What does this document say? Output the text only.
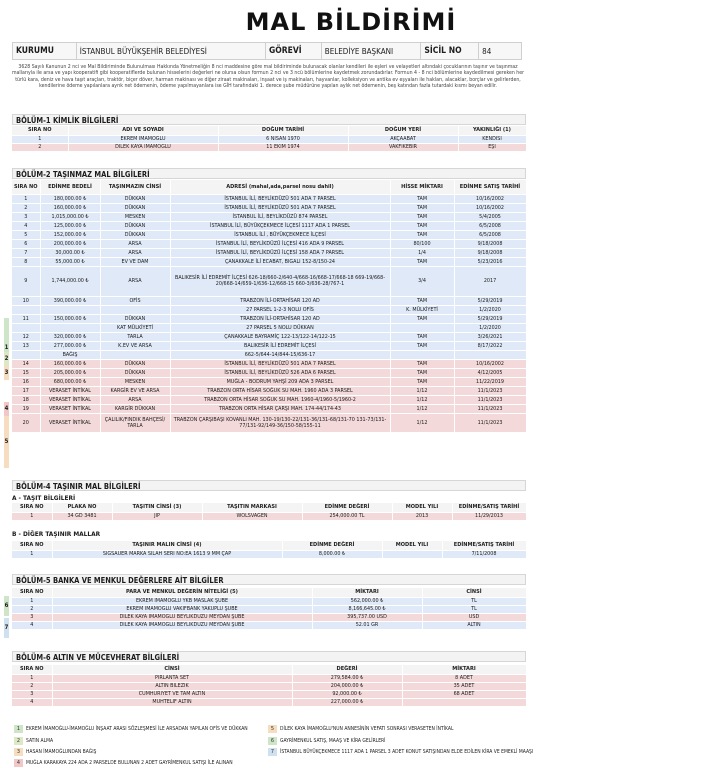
MAL BİLDİRİMİ
KURUMU	İSTANBUL BÜYÜKŞEHİR BELEDİYESİ	GÖREVİ	BELEDİYE BAŞKANI	SİCİL NO	84
3628 Sayılı Kanunun 2 nci ve Mal Bildiriminde Bulunulması Hakkında Yönetmeliğin 8 nci maddesine göre mal bildiriminde bulunacak olanlar kendileri ile eşleri ve velayetleri altındaki çocuklarının taşınır ve taşınmaz mallarıyla ile arsa ve yapı kooperatifi gibi kooperatiflerde bulunan hisselerini değerleri ne olursa olsun formun 2 nci ve 3 ncü bölümlerine kaydetmek zorundadırlar. Formun 4 - 8 nci bölümlerine kaydedilmesi gereken her türlü kara, deniz ve hava taşıt araçları, traktör, biçer döver, harman makinası ve diğer ziraat makinaları, inşaat ve iş makinaları, hayvanlar, kolleksiyon ve antika ev eşyaları ile hakları, alacaklar, borçlar ve gelirlerden, kendilerine ödeme yapılanlara ayrık net ödemenin, ödeme yapılmayanlara ise GİH tarafındaki 1. derece şube müdürüne yapılan aylık net ödemenin, beş katından fazla tutardaki kısmı beyan edilir.
BÖLÜM-1 KİMLİK BİLGİLERİ
SIRA NO	ADI VE SOYADI	DOĞUM TARİHİ	DOĞUM YERİ	YAKINLIĞI (1)
1	EKREM İMAMOĞLU	6 NİSAN 1970	AKÇAABAT	KENDİSİ
2	DİLEK KAYA İMAMOĞLU	11 EKİM 1974	VAKFIKEBİR	EŞİ
BÖLÜM-2 TAŞINMAZ MAL BİLGİLERİ
SIRA NO	EDİNME BEDELİ	TAŞINMAZIN CİNSİ	ADRESİ (mahal,ada,parsel nosu dahil)	HİSSE MİKTARI	EDİNME SATIŞ TARİHİ
1	180,000.00 ₺	DÜKKAN	İSTANBUL İLİ, BEYLİKDÜZÜ 501 ADA 7 PARSEL	TAM	10/16/2002
2	160,000.00 ₺	DÜKKAN	İSTANBUL İLİ, BEYLİKDÜZÜ 501 ADA 7 PARSEL	TAM	10/16/2002
3	1,015,000.00 ₺	MESKEN	İSTANBUL İLİ, BEYLİKDÜZÜ 874 PARSEL	TAM	5/4/2005
4	125,000.00 ₺	DÜKKAN	İSTANBUL İLİ, BÜYÜKÇEKMECE İLÇESİ 1117 ADA 1 PARSEL	TAM	6/5/2008
5	152,000.00 ₺	DÜKKAN	İSTANBUL İLİ , BÜYÜKÇEKMECE İLÇESİ	TAM	6/5/2008
6	200,000.00 ₺	ARSA	İSTANBUL İLİ, BEYLİKDÜZÜ İLÇESİ 416 ADA 9 PARSEL	80/100	9/18/2008
7	30,000.00 ₺	ARSA	İSTANBUL İLİ, BEYLİKDÜZÜ İLÇESİ 158 ADA 7 PARSEL	1/4	9/18/2008
8	55,000.00 ₺	EV VE DAM	ÇANAKKALE İLİ ECABAT, BIGALI 152-8/150-24	TAM	5/23/2016
9	1,744,000.00 ₺	ARSA	BALIKESİR İLİ EDREMİT İLÇESİ 626-18/660-2/640-4/668-16/668-17/668-18 669-19/668-20/668-14/659-1/636-12/668-15 660-3/636-28/767-1	3/4	2017
10	390,000.00 ₺	OFİS	TRABZON İLİ-ORTAHİSAR 120 AD	TAM	5/29/2019
			27 PARSEL 1-2-3 NOLU OFİS	K. MÜLKİYETİ	1/2/2020
11	150,000.00 ₺	DÜKKAN	TRABZON İLİ-ORTAHİSAR 120 AD	TAM	5/29/2019
		KAT MÜLKİYETİ	27 PARSEL 5 NOLU DÜKKAN		1/2/2020
12	320,000.00 ₺	TARLA	ÇANAKKALE BAYRAMİÇ 122-13/122-14/122-15	TAM	3/26/2021
13	277,000.00 ₺	K.EV VE ARSA	BALIKESİR İLİ EDREMİT İLÇESİ	TAM	8/17/2022
	BAĞIŞ		662-5/644-14/844-15/636-17		
14	160,000.00 ₺	DÜKKAN	İSTANBUL İLİ, BEYLİKDÜZÜ 501 ADA 7 PARSEL	TAM	10/16/2002
15	205,000.00 ₺	DÜKKAN	İSTANBUL İLİ, BEYLİKDÜZÜ 526 ADA 6 PARSEL	TAM	4/12/2005
16	680,000.00 ₺	MESKEN	MUĞLA - BODRUM YAHŞİ 209 ADA 3 PARSEL	TAM	11/22/2019
17	VERASET İNTİKAL	KARGİR EV VE ARSA	TRABZON ORTA HİSAR SOĞUK SU MAH. 1960 ADA 3 PARSEL	1/12	11/1/2023
18	VERASET İNTİKAL	ARSA	TRABZON ORTA HİSAR SOĞUK SU MAH. 1960-4/1960-5/1960-2	1/12	11/1/2023
19	VERASET İNTİKAL	KARGİR DÜKKAN	TRABZON ORTA HİSAR ÇARŞI MAH. 174-44/174-43	1/12	11/1/2023
20	VERASET İNTİKAL	ÇALILIK/FINDIK BAHÇESİ/ TARLA	TRABZON ÇARŞIBAŞI KOVANLI MAH. 130-19/130-22/131-36/131-68/131-70 131-73/131-77/131-92/149-36/150-58/155-11	1/12	11/1/2023
BÖLÜM-4 TAŞINIR MAL BİLGİLERİ
A - TAŞIT BİLGİLERİ
SIRA NO	PLAKA NO	TAŞITIN CİNSİ (3)	TAŞITIN MARKASI	EDİNME DEĞERİ	MODEL YILI	EDİNME/SATIŞ TARİHİ
1	34 GD 3481	JİP	WOLSVAGEN	254,000.00 TL	2013	11/29/2013
B - DİĞER TAŞINIR MALLAR
SIRA NO	TAŞINIR MALIN CİNSİ (4)	EDİNME DEĞERİ	MODEL YILI	EDİNME/SATIŞ TARİHİ
1	SİGSAUER MARKA SİLAH SERİ NO:EA 1613 9 MM ÇAP	8,000.00 ₺		7/11/2008
BÖLÜM-5 BANKA VE MENKUL DEĞERLERE AİT BİLGİLER
SIRA NO	PARA VE MENKUL DEĞERİN NİTELİĞİ (5)	MİKTARI	CİNSİ
1	EKREM İMAMOĞLU YKB MASLAK ŞUBE	562,000.00 ₺	TL
2	EKREM İMAMOĞLU VAKIFBANK YAKUPLU ŞUBE	8,166,645.00 ₺	TL
3	DİLEK KAYA İMAMOĞLU BEYLİKDÜZÜ MEYDAN ŞUBE	395,737.00 USD	USD
4	DİLEK KAYA İMAMOĞLU BEYLİKDÜZÜ MEYDAN ŞUBE	52.01 GR	ALTIN
BÖLÜM-6 ALTIN VE MÜCEVHERAT BİLGİLERİ
SIRA NO	CİNSİ	DEĞERİ	MİKTARI
1	PIRLANTA SET	279,584.00 ₺	8 ADET
2	ALTIN BİLEZİK	204,000.00 ₺	35 ADET
3	CUMHURİYET VE TAM ALTIN	92,000.00 ₺	68 ADET
4	MUHTELİF ALTIN	227,000.00 ₺	
1
2
3
4
5
6
7
1	EKREM İMAMOĞLU-İMAMOĞLU İNŞAAT ARASI SÖZLEŞMESİ İLE ARSADAN YAPILAN OFİS VE DÜKKAN
2	SATIN ALMA
3	HASAN İMAMOĞLUNDAN BAĞIŞ
4	MUĞLA KARAKAYA 224 ADA 2 PARSELDE BULUNAN 2 ADET GAYRİMENKUL SATIŞI İLE ALINAN
5	DİLEK KAYA İMAMOĞLU'NUN ANNESİNİN VEFATI SONRASI VERASETEN İNTİKAL
6	GAYRİMENKUL SATIŞ, MAAŞ VE KİRA GELİRLERİ
7	İSTANBUL BÜYÜKÇEKMECE 1117 ADA 1 PARSEL 3 ADET KONUT SATIŞINDAN ELDE EDİLEN KİRA VE EMEKLİ MAAŞI
